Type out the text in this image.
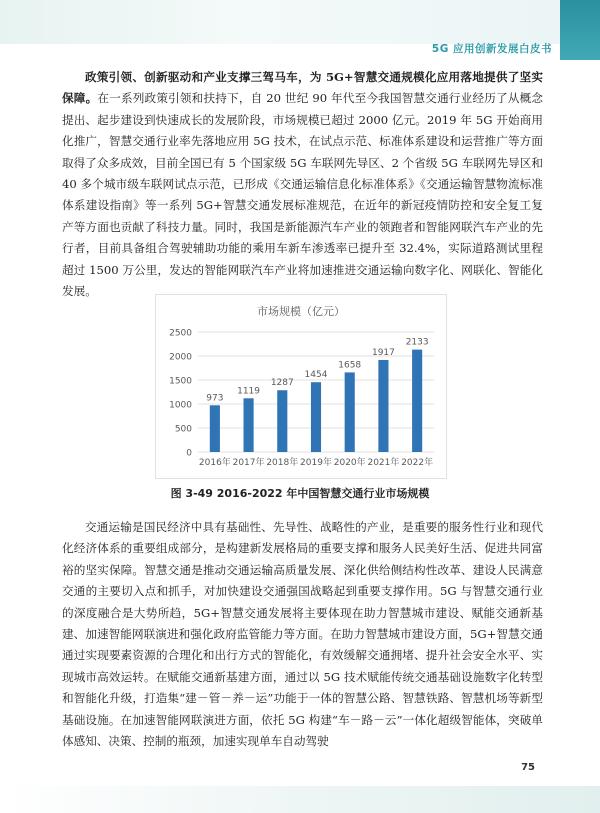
5G 应用创新发展白皮书

政策引领、创新驱动和产业支撑三驾马车，为 5G+智慧交通规模化应用落地提供了坚实保障。在一系列政策引领和扶持下，自 20 世纪 90 年代至今我国智慧交通行业经历了从概念提出、起步建设到快速成长的发展阶段，市场规模已超过 2000 亿元。2019 年 5G 开始商用化推广，智慧交通行业率先落地应用 5G 技术，在试点示范、标准体系建设和运营推广等方面取得了众多成效，目前全国已有 5 个国家级 5G 车联网先导区、2 个省级 5G 车联网先导区和 40 多个城市级车联网试点示范，已形成《交通运输信息化标准体系》《交通运输智慧物流标准体系建设指南》等一系列 5G+智慧交通发展标准规范，在近年的新冠疫情防控和安全复工复产等方面也贡献了科技力量。同时，我国是新能源汽车产业的领跑者和智能网联汽车产业的先行者，目前具备组合驾驶辅助功能的乘用车新车渗透率已提升至 32.4%，实际道路测试里程超过 1500 万公里，发达的智能网联汽车产业将加速推进交通运输向数字化、网联化、智能化发展。

市场规模（亿元）
0
500
1000
1500
2000
2500
973
1119
1287
1454
1658
1917
2133
2016年 2017年 2018年 2019年 2020年 2021年 2022年
图 3-49 2016-2022 年中国智慧交通行业市场规模

交通运输是国民经济中具有基础性、先导性、战略性的产业，是重要的服务性行业和现代化经济体系的重要组成部分，是构建新发展格局的重要支撑和服务人民美好生活、促进共同富裕的坚实保障。智慧交通是推动交通运输高质量发展、深化供给侧结构性改革、建设人民满意交通的主要切入点和抓手，对加快建设交通强国战略起到重要支撑作用。5G 与智慧交通行业的深度融合是大势所趋，5G+智慧交通发展将主要体现在助力智慧城市建设、赋能交通新基建、加速智能网联演进和强化政府监管能力等方面。在助力智慧城市建设方面，5G+智慧交通通过实现要素资源的合理化和出行方式的智能化，有效缓解交通拥堵、提升社会安全水平、实现城市高效运转。在赋能交通新基建方面，通过以 5G 技术赋能传统交通基础设施数字化转型和智能化升级，打造集“建－管－养－运”功能于一体的智慧公路、智慧铁路、智慧机场等新型基础设施。在加速智能网联演进方面，依托 5G 构建“车－路－云”一体化超级智能体，突破单体感知、决策、控制的瓶颈，加速实现单车自动驾驶

75
